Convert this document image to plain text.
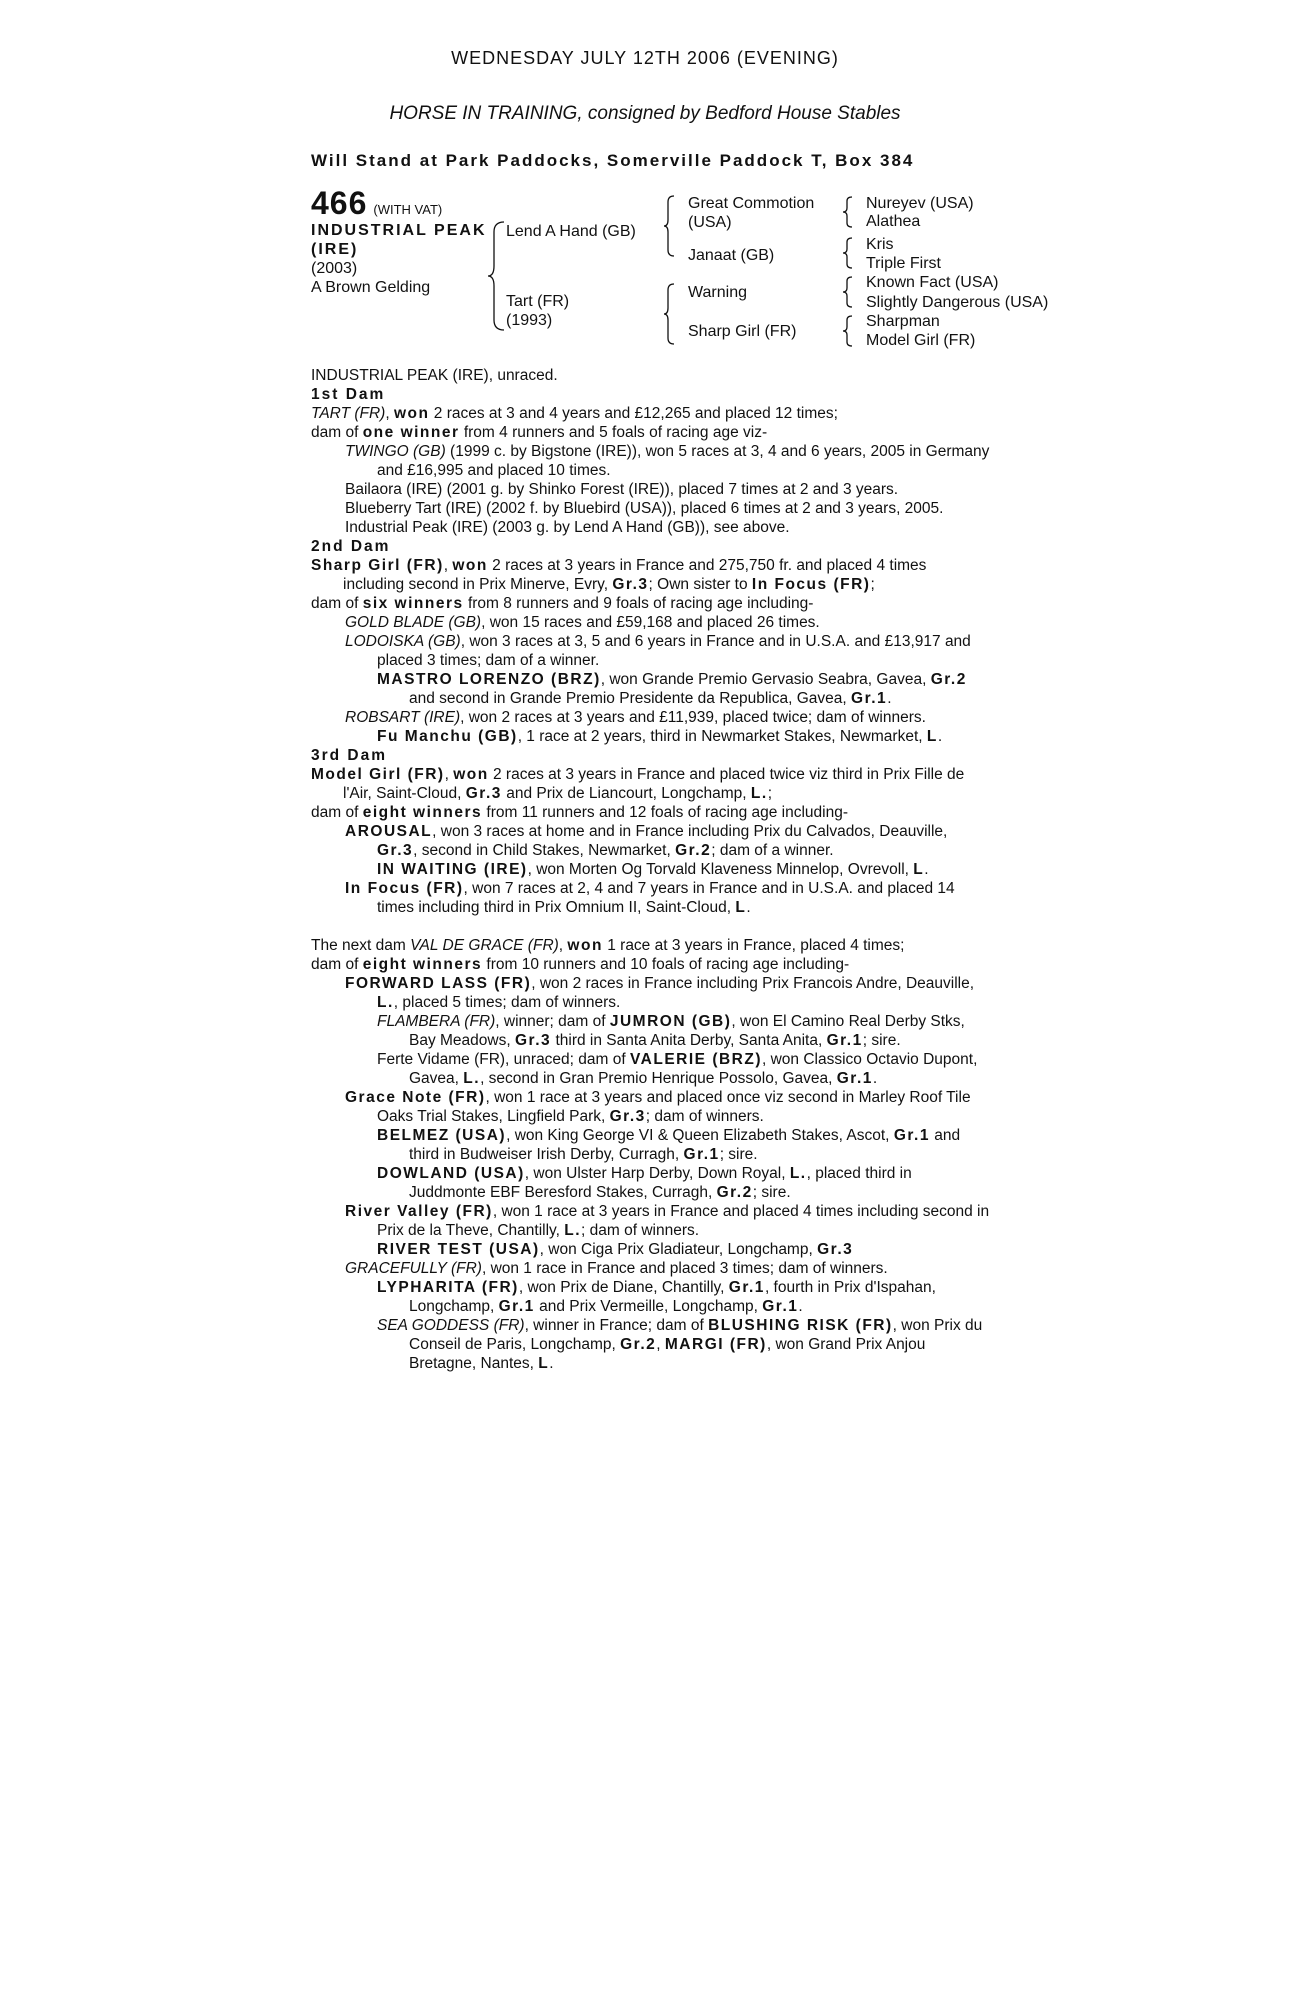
WEDNESDAY JULY 12TH 2006 (EVENING)
HORSE IN TRAINING, consigned by Bedford House Stables
Will Stand at Park Paddocks, Somerville Paddock T, Box 384
466 (WITH VAT)
INDUSTRIAL PEAK
(IRE)
(2003)
A Brown Gelding
Lend A Hand (GB)
Tart (FR)
(1993)
Great Commotion
(USA)
Janaat (GB)
Warning
Sharp Girl (FR)
Nureyev (USA)
Alathea
Kris
Triple First
Known Fact (USA)
Slightly Dangerous (USA)
Sharpman
Model Girl (FR)

INDUSTRIAL PEAK (IRE), unraced.

1st Dam

TART (FR), won 2 races at 3 and 4 years and £12,265 and placed 12 times;

dam of one winner from 4 runners and 5 foals of racing age viz-

TWINGO (GB) (1999 c. by Bigstone (IRE)), won 5 races at 3, 4 and 6 years, 2005 in Germany and £16,995 and placed 10 times.

Bailaora (IRE) (2001 g. by Shinko Forest (IRE)), placed 7 times at 2 and 3 years.

Blueberry Tart (IRE) (2002 f. by Bluebird (USA)), placed 6 times at 2 and 3 years, 2005.

Industrial Peak (IRE) (2003 g. by Lend A Hand (GB)), see above.

2nd Dam

Sharp Girl (FR), won 2 races at 3 years in France and 275,750 fr. and placed 4 times including second in Prix Minerve, Evry, Gr.3; Own sister to In Focus (FR);

dam of six winners from 8 runners and 9 foals of racing age including-

GOLD BLADE (GB), won 15 races and £59,168 and placed 26 times.

LODOISKA (GB), won 3 races at 3, 5 and 6 years in France and in U.S.A. and £13,917 and placed 3 times; dam of a winner.

MASTRO LORENZO (BRZ), won Grande Premio Gervasio Seabra, Gavea, Gr.2 and second in Grande Premio Presidente da Republica, Gavea, Gr.1.

ROBSART (IRE), won 2 races at 3 years and £11,939, placed twice; dam of winners.

Fu Manchu (GB), 1 race at 2 years, third in Newmarket Stakes, Newmarket, L.

3rd Dam

Model Girl (FR), won 2 races at 3 years in France and placed twice viz third in Prix Fille de l'Air, Saint-Cloud, Gr.3 and Prix de Liancourt, Longchamp, L.;

dam of eight winners from 11 runners and 12 foals of racing age including-

AROUSAL, won 3 races at home and in France including Prix du Calvados, Deauville, Gr.3, second in Child Stakes, Newmarket, Gr.2; dam of a winner.

IN WAITING (IRE), won Morten Og Torvald Klaveness Minnelop, Ovrevoll, L.

In Focus (FR), won 7 races at 2, 4 and 7 years in France and in U.S.A. and placed 14 times including third in Prix Omnium II, Saint-Cloud, L.

The next dam VAL DE GRACE (FR), won 1 race at 3 years in France, placed 4 times;

dam of eight winners from 10 runners and 10 foals of racing age including-

FORWARD LASS (FR), won 2 races in France including Prix Francois Andre, Deauville, L., placed 5 times; dam of winners.

FLAMBERA (FR), winner; dam of JUMRON (GB), won El Camino Real Derby Stks, Bay Meadows, Gr.3 third in Santa Anita Derby, Santa Anita, Gr.1; sire.

Ferte Vidame (FR), unraced; dam of VALERIE (BRZ), won Classico Octavio Dupont, Gavea, L., second in Gran Premio Henrique Possolo, Gavea, Gr.1.

Grace Note (FR), won 1 race at 3 years and placed once viz second in Marley Roof Tile Oaks Trial Stakes, Lingfield Park, Gr.3; dam of winners.

BELMEZ (USA), won King George VI & Queen Elizabeth Stakes, Ascot, Gr.1 and third in Budweiser Irish Derby, Curragh, Gr.1; sire.

DOWLAND (USA), won Ulster Harp Derby, Down Royal, L., placed third in Juddmonte EBF Beresford Stakes, Curragh, Gr.2; sire.

River Valley (FR), won 1 race at 3 years in France and placed 4 times including second in Prix de la Theve, Chantilly, L.; dam of winners.

RIVER TEST (USA), won Ciga Prix Gladiateur, Longchamp, Gr.3

GRACEFULLY (FR), won 1 race in France and placed 3 times; dam of winners.

LYPHARITA (FR), won Prix de Diane, Chantilly, Gr.1, fourth in Prix d'Ispahan, Longchamp, Gr.1 and Prix Vermeille, Longchamp, Gr.1.

SEA GODDESS (FR), winner in France; dam of BLUSHING RISK (FR), won Prix du Conseil de Paris, Longchamp, Gr.2, MARGI (FR), won Grand Prix Anjou Bretagne, Nantes, L.
